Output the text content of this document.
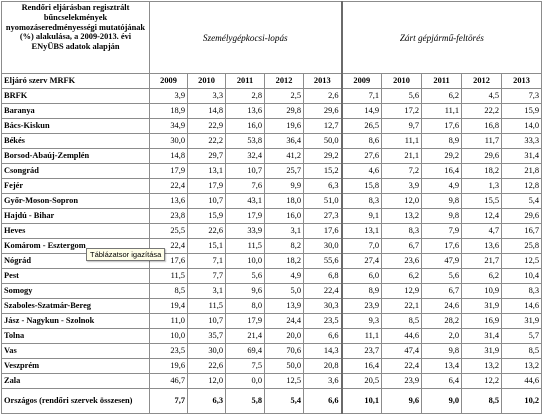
Rendőri eljárásban regisztrált bűncselekmények nyomozáseredményességi mutatójának (%) alakulása, a 2009-2013. évi ENyÜBS adatok alapján	Személygépkocsi-lopás					Zárt gépjármű-feltörés				
Eljáró szerv MRFK	2009	2010	2011	2012	2013	2009	2010	2011	2012	2013
BRFK	3,9	3,3	2,8	2,5	2,6	7,1	5,6	6,2	4,5	7,3
Baranya	18,9	14,8	13,6	29,8	29,6	14,9	17,2	11,1	22,2	15,9
Bács-Kiskun	34,9	22,9	16,0	19,6	12,7	26,5	9,7	17,6	16,8	14,0
Békés	30,0	22,2	53,8	36,4	50,0	8,6	11,1	8,9	11,7	33,3
Borsod-Abaúj-Zemplén	14,8	29,7	32,4	41,2	29,2	27,6	21,1	29,2	29,6	31,4
Csongrád	17,9	13,1	10,7	25,7	15,2	4,6	7,2	16,4	18,2	21,8
Fejér	22,4	17,9	7,6	9,9	6,3	15,8	3,9	4,9	1,3	12,8
Győr-Moson-Sopron	13,6	10,7	43,1	18,0	51,0	8,3	12,0	9,8	15,5	5,4
Hajdú - Bihar	23,8	15,9	17,9	16,0	27,3	9,1	13,2	9,8	12,4	29,6
Heves	25,5	22,6	33,9	3,1	17,6	13,1	8,3	7,9	4,7	16,7
Komárom - Esztergom	22,4	15,1	11,5	8,2	30,0	7,0	6,7	17,6	13,6	25,8
Nógrád	17,6	7,1	10,0	18,2	55,6	27,4	23,6	47,9	21,7	12,5
Pest	11,5	7,7	5,6	4,9	6,8	6,0	6,2	5,6	6,2	10,4
Somogy	8,5	3,1	9,6	5,0	22,4	8,9	12,9	6,7	10,9	8,3
Szaboles-Szatmár-Bereg	19,4	11,5	8,0	13,9	30,3	23,9	22,1	24,6	31,9	14,6
Jász - Nagykun - Szolnok	11,0	10,7	17,9	24,4	23,5	9,3	8,5	28,2	16,9	31,9
Tolna	10,0	35,7	21,4	20,0	6,6	11,1	44,6	2,0	31,4	5,7
Vas	23,5	30,0	69,4	70,6	14,3	23,7	47,4	9,8	31,9	8,5
Veszprém	19,6	22,6	7,5	50,0	20,8	16,4	22,4	13,4	13,2	13,2
Zala	46,7	12,0	0,0	12,5	3,6	20,5	23,9	6,4	12,2	44,6
Országos (rendőri szervek összesen)	7,7	6,3	5,8	5,4	6,6	10,1	9,6	9,0	8,5	10,2
Táblázatsor igazítása
